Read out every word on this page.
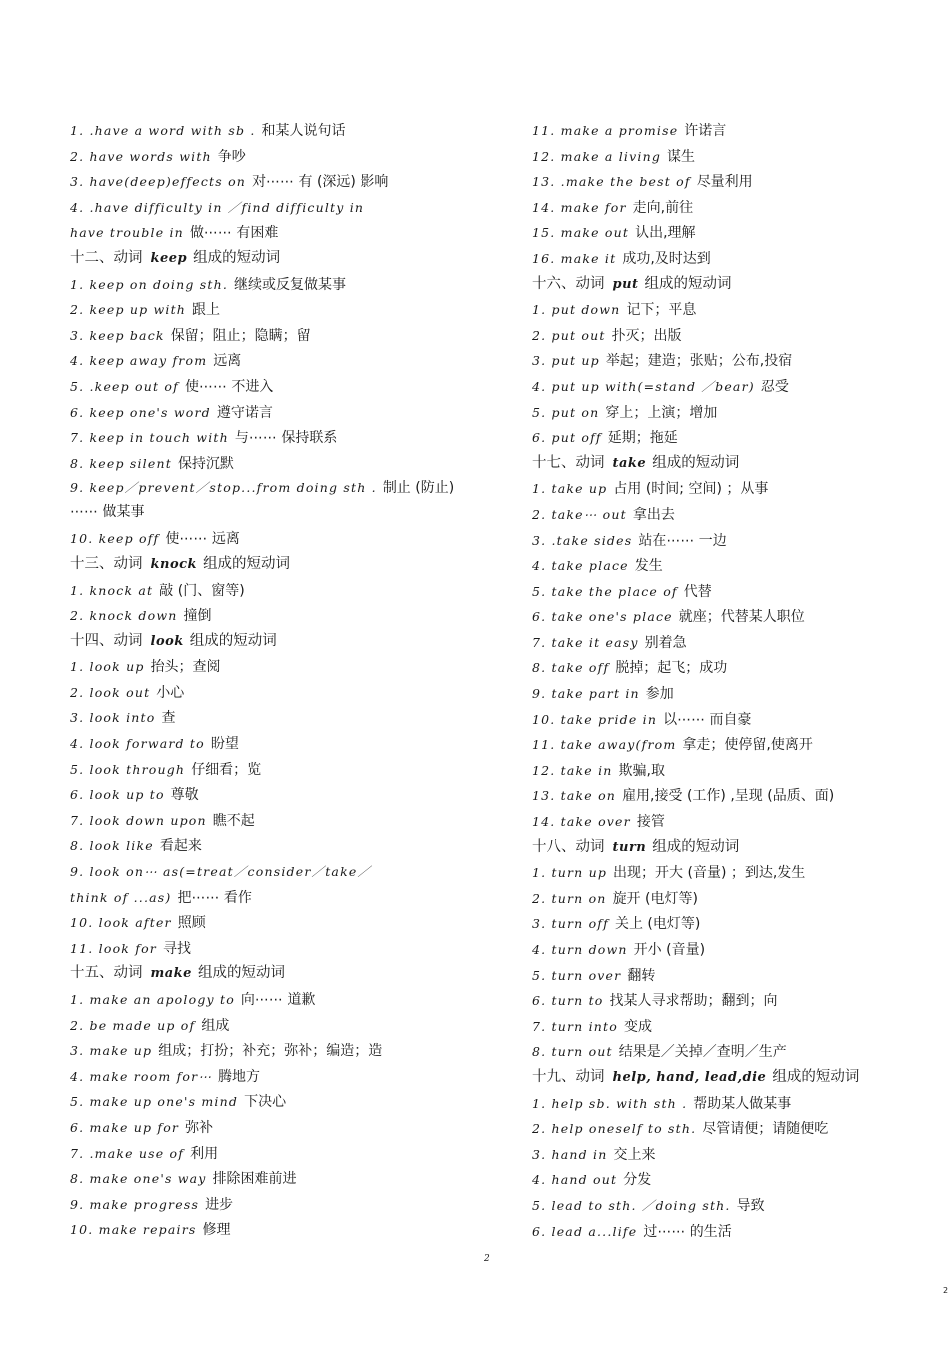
1. .have a word with sb . 和某人说句话
2. have words with 争吵
3. have(deep)effects on 对⋯⋯ 有 (深远) 影响
4. .have difficulty in ／find difficulty in
have trouble in 做⋯⋯ 有困难
十二、动词 keep 组成的短动词
1. keep on doing sth. 继续或反复做某事
2. keep up with 跟上
3. keep back 保留；阻止；隐瞒；留
4. keep away from 远离
5. .keep out of 使⋯⋯ 不进入
6. keep one's word 遵守诺言
7. keep in touch with 与⋯⋯ 保持联系
8. keep silent 保持沉默
9. keep／prevent／stop...from doing sth . 制止 (防止) ⋯⋯ 做某事
10. keep off 使⋯⋯ 远离
十三、动词 knock 组成的短动词
1. knock at 敲 (门、窗等)
2. knock down 撞倒
十四、动词 look 组成的短动词
1. look up 抬头；查阅
2. look out 小心
3. look into 查
4. look forward to 盼望
5. look through 仔细看；览
6. look up to 尊敬
7. look down upon 瞧不起
8. look like 看起来
9. look on⋯ as(=treat／consider／take／
think of ...as) 把⋯⋯ 看作
10. look after 照顾
11. look for 寻找
十五、动词 make 组成的短动词
1. make an apology to 向⋯⋯ 道歉
2. be made up of 组成
3. make up 组成；打扮；补充；弥补；编造；造
4. make room for⋯ 腾地方
5. make up one's mind 下决心
6. make up for 弥补
7. .make use of 利用
8. make one's way 排除困难前进
9. make progress 进步
10. make repairs 修理
11. make a promise 许诺言
12. make a living 谋生
13. .make the best of 尽量利用
14. make for 走向,前往
15. make out 认出,理解
16. make it 成功,及时达到
十六、动词 put 组成的短动词
1. put down 记下；平息
2. put out 扑灭；出版
3. put up 举起；建造；张贴；公布,投宿
4. put up with(=stand ／bear) 忍受
5. put on 穿上；上演；增加
6. put off 延期；拖延
十七、动词 take 组成的短动词
1. take up 占用 (时间; 空间) ；从事
2. take⋯ out 拿出去
3. .take sides 站在⋯⋯ 一边
4. take place 发生
5. take the place of 代替
6. take one's place 就座；代替某人职位
7. take it easy 别着急
8. take off 脱掉；起飞；成功
9. take part in 参加
10. take pride in 以⋯⋯ 而自豪
11. take away(from 拿走；使停留,使离开
12. take in 欺骗,取
13. take on 雇用,接受 (工作) ,呈现 (品质、面)
14. take over 接管
十八、动词 turn 组成的短动词
1. turn up 出现；开大 (音量) ；到达,发生
2. turn on 旋开 (电灯等)
3. turn off 关上 (电灯等)
4. turn down 开小 (音量)
5. turn over 翻转
6. turn to 找某人寻求帮助；翻到；向
7. turn into 变成
8. turn out 结果是／关掉／查明／生产
十九、动词 help, hand, lead,die 组成的短动词
1. help sb. with sth . 帮助某人做某事
2. help oneself to sth. 尽管请便；请随便吃
3. hand in 交上来
4. hand out 分发
5. lead to sth. ／doing sth. 导致
6. lead a...life 过⋯⋯ 的生活
2
2
